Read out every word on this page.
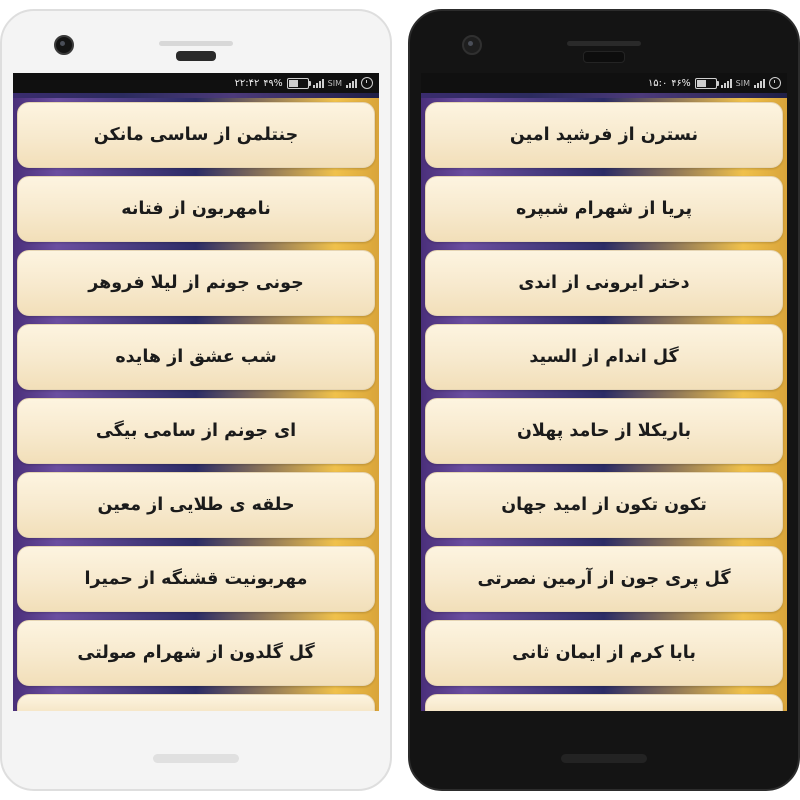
۱۵:۰ ۴۶%	SIM
نسترن از فرشید امین
پریا از شهرام شبپره
دختر ایرونی از اندی
گل اندام از السید
باریکلا از حامد پهلان
تکون تکون از امید جهان
گل پری جون از آرمین نصرتی
بابا کرم از ایمان ثانی
۲۲:۴۲ ۴۹%	SIM
جنتلمن از ساسی مانکن
نامهربون از فتانه
جونی جونم از لیلا فروهر
شب عشق از هایده
ای جونم از سامی بیگی
حلقه ی طلایی از معین
مهربونیت قشنگه از حمیرا
گل گلدون از شهرام صولتی
